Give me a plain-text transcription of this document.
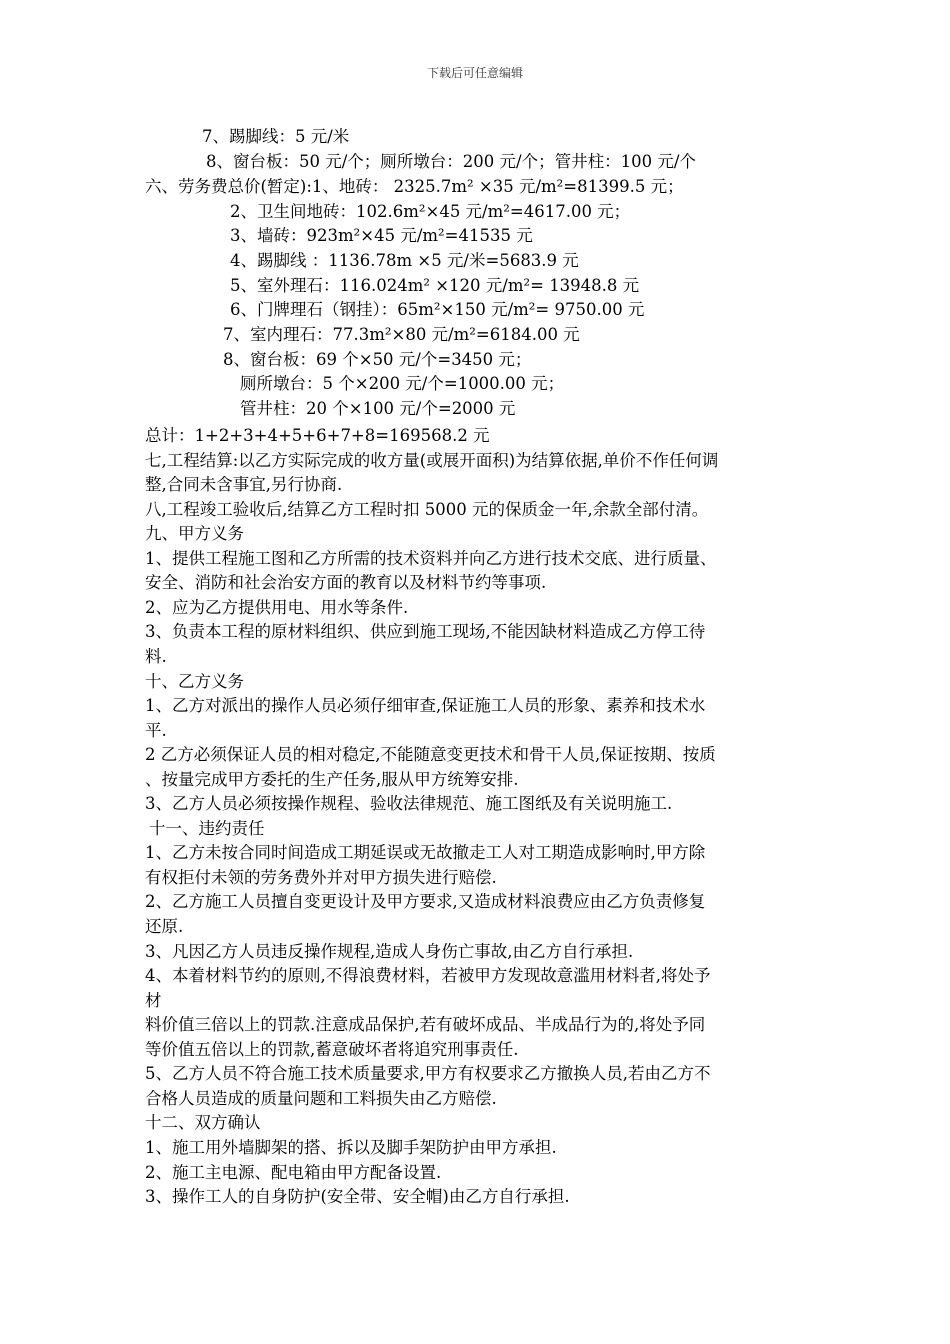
下载后可任意编辑
7、踢脚线：5 元/米
8、窗台板：50 元/个；厕所墩台：200 元/个；管井柱：100 元/个
六、劳务费总价(暂定):1、地砖： 2325.7m² ×35 元/m²=81399.5 元；
2、卫生间地砖：102.6m²×45 元/m²=4617.00 元；
3、墙砖：923m²×45 元/m²=41535 元
4、踢脚线 ：1136.78m ×5 元/米=5683.9 元
5、室外理石：116.024m² ×120 元/m²= 13948.8 元
6、门牌理石（钢挂）：65m²×150 元/m²= 9750.00 元
7、室内理石：77.3m²×80 元/m²=6184.00 元
8、窗台板：69 个×50 元/个=3450 元；
厕所墩台：5 个×200 元/个=1000.00 元；
管井柱：20 个×100 元/个=2000 元
总计：1+2+3+4+5+6+7+8=169568.2 元
七,工程结算:以乙方实际完成的收方量(或展开面积)为结算依据,单价不作任何调
整,合同未含事宜,另行协商.
八,工程竣工验收后,结算乙方工程时扣 5000 元的保质金一年,余款全部付清。
九、甲方义务
1、提供工程施工图和乙方所需的技术资料并向乙方进行技术交底、进行质量、
安全、消防和社会治安方面的教育以及材料节约等事项.
2、应为乙方提供用电、用水等条件.
3、负责本工程的原材料组织、供应到施工现场,不能因缺材料造成乙方停工待
料.
十、乙方义务
1、乙方对派出的操作人员必须仔细审查,保证施工人员的形象、素养和技术水
平.
2 乙方必须保证人员的相对稳定,不能随意变更技术和骨干人员,保证按期、按质
、按量完成甲方委托的生产任务,服从甲方统筹安排.
3、乙方人员必须按操作规程、验收法律规范、施工图纸及有关说明施工.
十一、违约责任
1、乙方未按合同时间造成工期延误或无故撤走工人对工期造成影响时,甲方除
有权拒付未领的劳务费外并对甲方损失进行赔偿.
2、乙方施工人员擅自变更设计及甲方要求,又造成材料浪费应由乙方负责修复
还原.
3、凡因乙方人员违反操作规程,造成人身伤亡事故,由乙方自行承担.
4、本着材料节约的原则,不得浪费材料，若被甲方发现故意滥用材料者,将处予
材
料价值三倍以上的罚款.注意成品保护,若有破坏成品、半成品行为的,将处予同
等价值五倍以上的罚款,蓄意破坏者将追究刑事责任.
5、乙方人员不符合施工技术质量要求,甲方有权要求乙方撤换人员,若由乙方不
合格人员造成的质量问题和工料损失由乙方赔偿.
十二、双方确认
1、施工用外墙脚架的搭、拆以及脚手架防护由甲方承担.
2、施工主电源、配电箱由甲方配备设置.
3、操作工人的自身防护(安全带、安全帽)由乙方自行承担.
